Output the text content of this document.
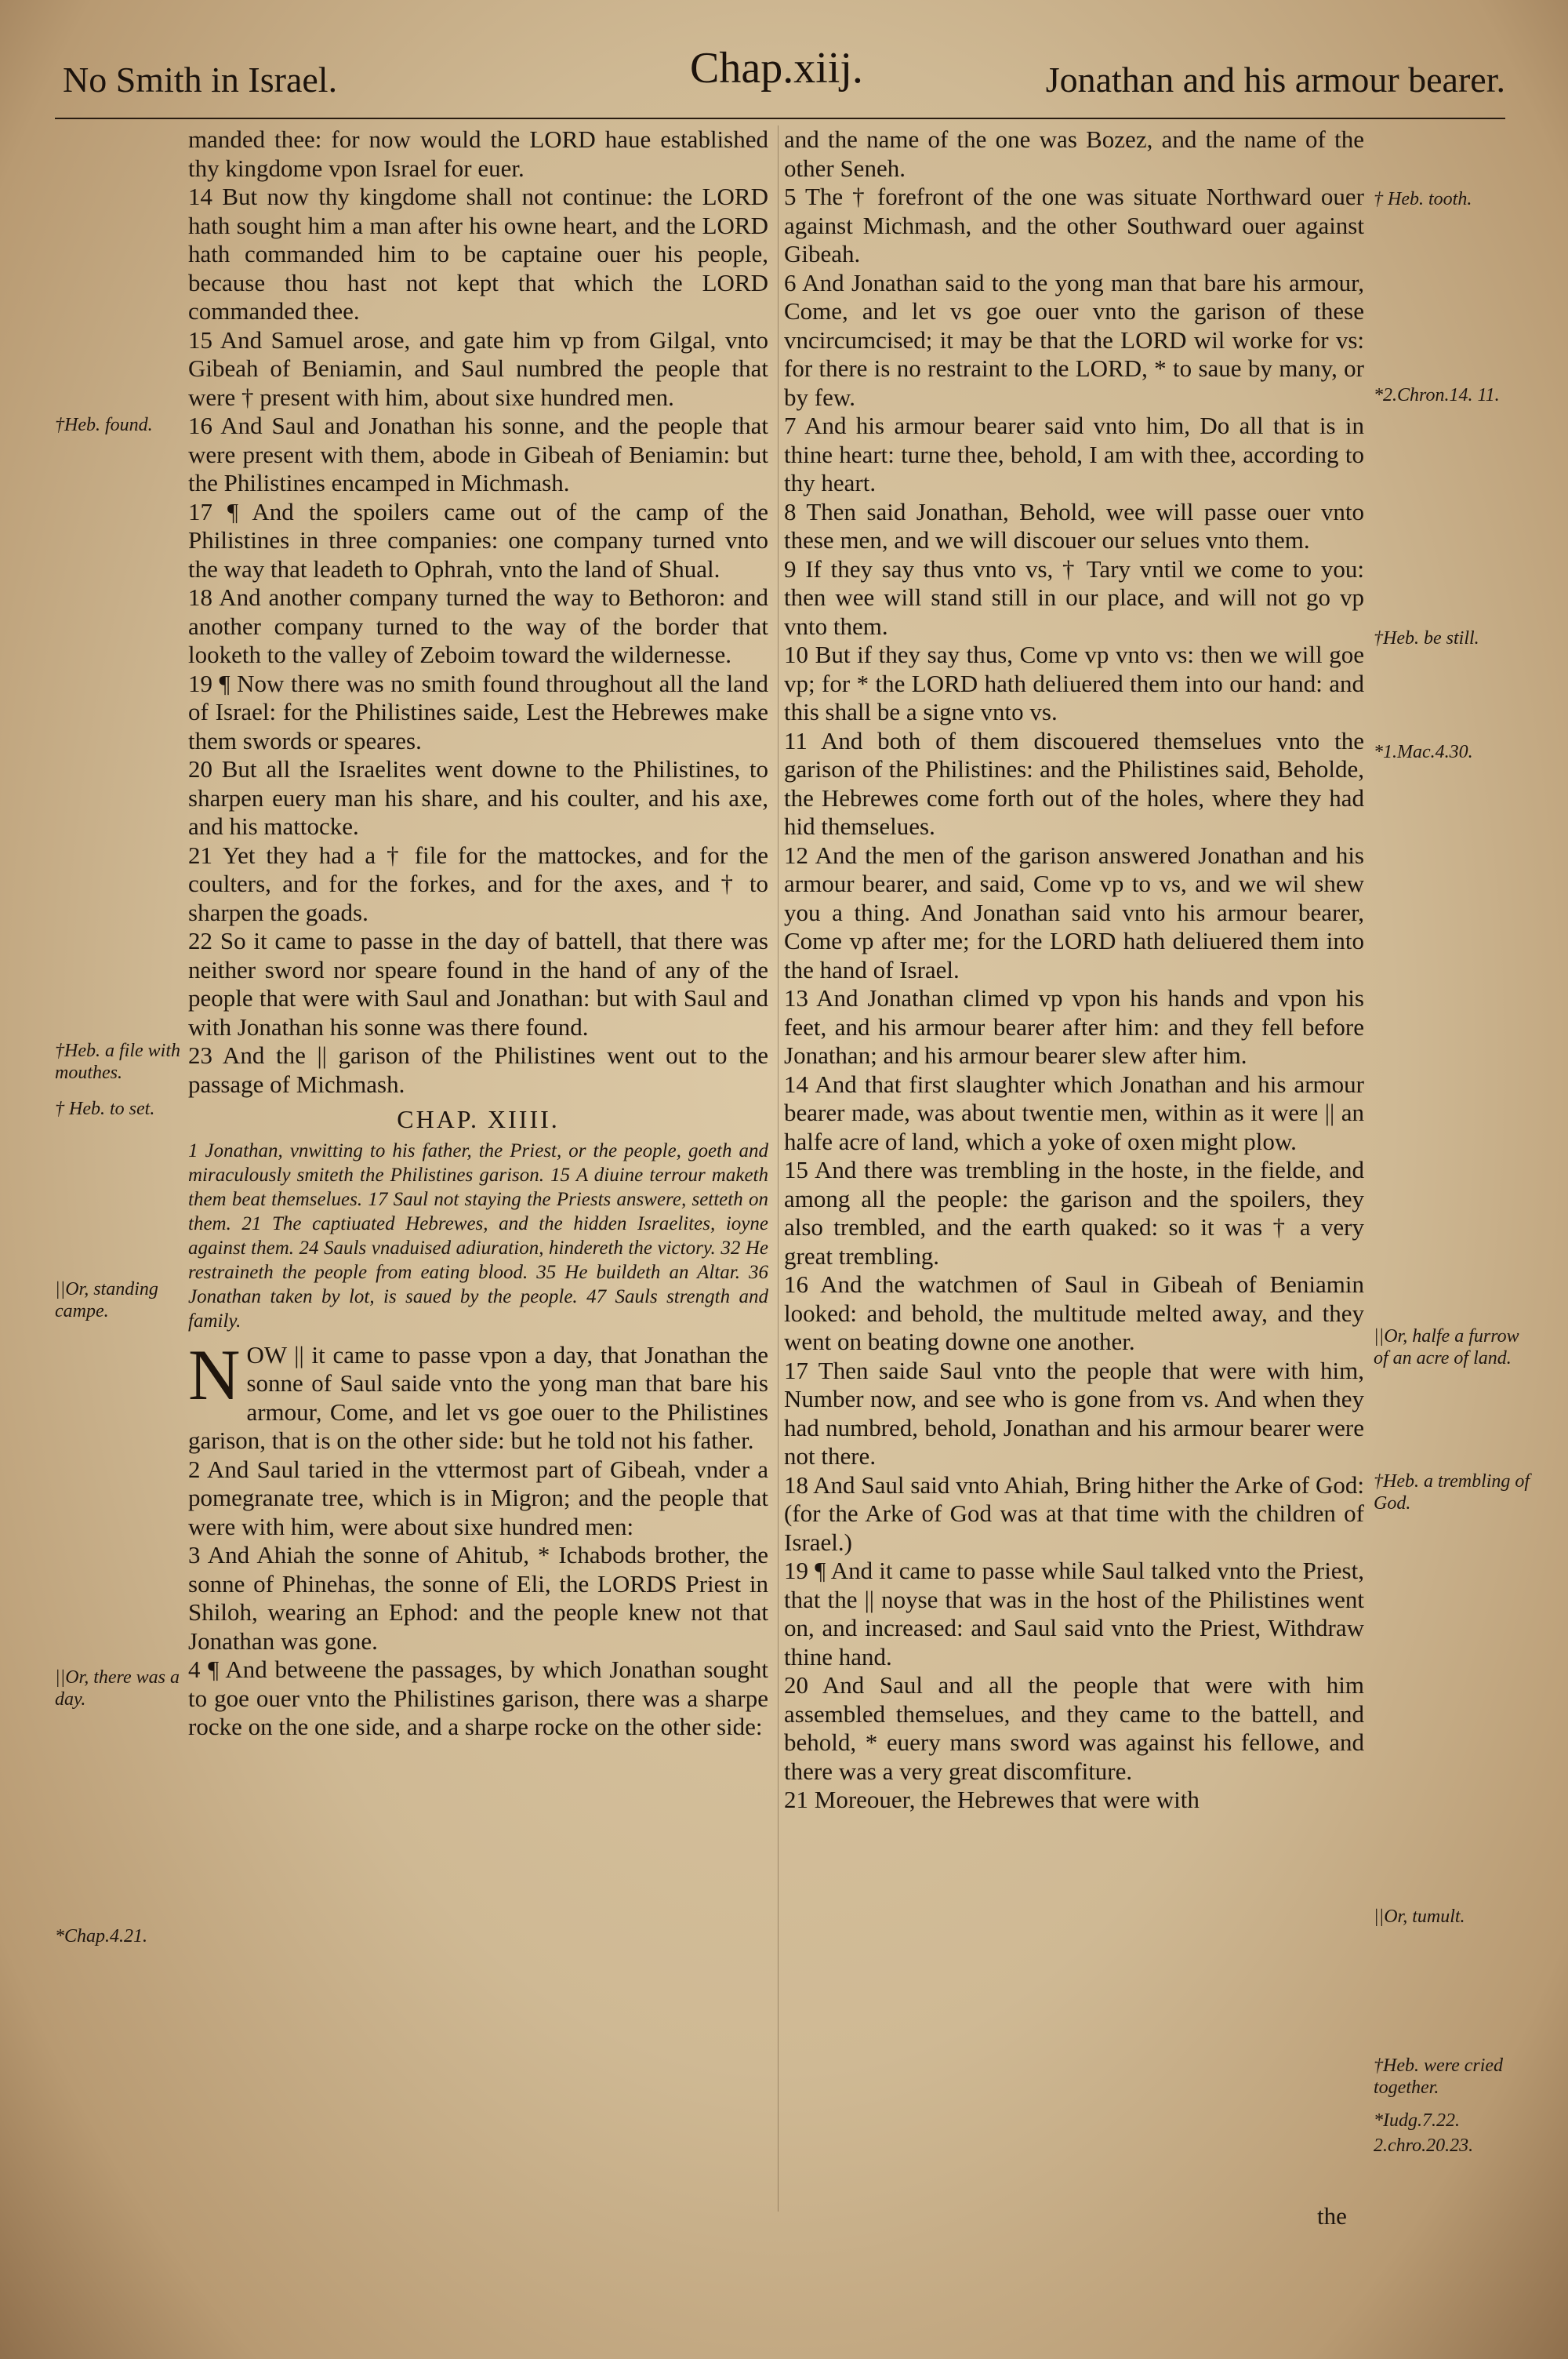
No Smith in Israel.	Chap.xiij.	Jonathan and his armour bearer.

manded thee: for now would the LORD haue established thy kingdome vpon Israel for euer.

14 But now thy kingdome shall not continue: the LORD hath sought him a man after his owne heart, and the LORD hath commanded him to be captaine ouer his people, because thou hast not kept that which the LORD commanded thee.

15 And Samuel arose, and gate him vp from Gilgal, vnto Gibeah of Beniamin, and Saul numbred the people that were † present with him, about sixe hundred men.

16 And Saul and Jonathan his sonne, and the people that were present with them, abode in Gibeah of Beniamin: but the Philistines encamped in Michmash.

17 ¶ And the spoilers came out of the camp of the Philistines in three companies: one company turned vnto the way that leadeth to Ophrah, vnto the land of Shual.

18 And another company turned the way to Bethoron: and another company turned to the way of the border that looketh to the valley of Zeboim toward the wildernesse.

19 ¶ Now there was no smith found throughout all the land of Israel: for the Philistines saide, Lest the Hebrewes make them swords or speares.

20 But all the Israelites went downe to the Philistines, to sharpen euery man his share, and his coulter, and his axe, and his mattocke.

21 Yet they had a † file for the mattockes, and for the coulters, and for the forkes, and for the axes, and † to sharpen the goads.

22 So it came to passe in the day of battell, that there was neither sword nor speare found in the hand of any of the people that were with Saul and Jonathan: but with Saul and with Jonathan his sonne was there found.

23 And the || garison of the Philistines went out to the passage of Michmash.

CHAP. XIIII.
1 Jonathan, vnwitting to his father, the Priest, or the people, goeth and miraculously smiteth the Philistines garison. 15 A diuine terrour maketh them beat themselues. 17 Saul not staying the Priests answere, setteth on them. 21 The captiuated Hebrewes, and the hidden Israelites, ioyne against them. 24 Sauls vnaduised adiuration, hindereth the victory. 32 He restraineth the people from eating blood. 35 He buildeth an Altar. 36 Jonathan taken by lot, is saued by the people. 47 Sauls strength and family.

NOW || it came to passe vpon a day, that Jonathan the sonne of Saul saide vnto the yong man that bare his armour, Come, and let vs goe ouer to the Philistines garison, that is on the other side: but he told not his father.

2 And Saul taried in the vttermost part of Gibeah, vnder a pomegranate tree, which is in Migron; and the people that were with him, were about sixe hundred men:

3 And Ahiah the sonne of Ahitub, * Ichabods brother, the sonne of Phinehas, the sonne of Eli, the LORDS Priest in Shiloh, wearing an Ephod: and the people knew not that Jonathan was gone.

4 ¶ And betweene the passages, by which Jonathan sought to goe ouer vnto the Philistines garison, there was a sharpe rocke on the one side, and a sharpe rocke on the other side:

and the name of the one was Bozez, and the name of the other Seneh.

5 The † forefront of the one was situate Northward ouer against Michmash, and the other Southward ouer against Gibeah.

6 And Jonathan said to the yong man that bare his armour, Come, and let vs goe ouer vnto the garison of these vncircumcised; it may be that the LORD wil worke for vs: for there is no restraint to the LORD, * to saue by many, or by few.

7 And his armour bearer said vnto him, Do all that is in thine heart: turne thee, behold, I am with thee, according to thy heart.

8 Then said Jonathan, Behold, wee will passe ouer vnto these men, and we will discouer our selues vnto them.

9 If they say thus vnto vs, † Tary vntil we come to you: then wee will stand still in our place, and will not go vp vnto them.

10 But if they say thus, Come vp vnto vs: then we will goe vp; for * the LORD hath deliuered them into our hand: and this shall be a signe vnto vs.

11 And both of them discouered themselues vnto the garison of the Philistines: and the Philistines said, Beholde, the Hebrewes come forth out of the holes, where they had hid themselues.

12 And the men of the garison answered Jonathan and his armour bearer, and said, Come vp to vs, and we wil shew you a thing. And Jonathan said vnto his armour bearer, Come vp after me; for the LORD hath deliuered them into the hand of Israel.

13 And Jonathan climed vp vpon his hands and vpon his feet, and his armour bearer after him: and they fell before Jonathan; and his armour bearer slew after him.

14 And that first slaughter which Jonathan and his armour bearer made, was about twentie men, within as it were || an halfe acre of land, which a yoke of oxen might plow.

15 And there was trembling in the hoste, in the fielde, and among all the people: the garison and the spoilers, they also trembled, and the earth quaked: so it was † a very great trembling.

16 And the watchmen of Saul in Gibeah of Beniamin looked: and behold, the multitude melted away, and they went on beating downe one another.

17 Then saide Saul vnto the people that were with him, Number now, and see who is gone from vs. And when they had numbred, behold, Jonathan and his armour bearer were not there.

18 And Saul said vnto Ahiah, Bring hither the Arke of God: (for the Arke of God was at that time with the children of Israel.)

19 ¶ And it came to passe while Saul talked vnto the Priest, that the || noyse that was in the host of the Philistines went on, and increased: and Saul said vnto the Priest, Withdraw thine hand.

20 And Saul and all the people that were with him assembled themselues, and they came to the battell, and behold, * euery mans sword was against his fellowe, and there was a very great discomfiture.

21 Moreouer, the Hebrewes that were with

the
†Heb. found.
†Heb. a file with mouthes.
† Heb. to set.
||Or, standing campe.
||Or, there was a day.
*Chap.4.21.
† Heb. tooth.
*2.Chron.14. 11.
†Heb. be still.
*1.Mac.4.30.
||Or, halfe a furrow of an acre of land.
†Heb. a trembling of God.
||Or, tumult.
†Heb. were cried together.
*Iudg.7.22.
2.chro.20.23.
